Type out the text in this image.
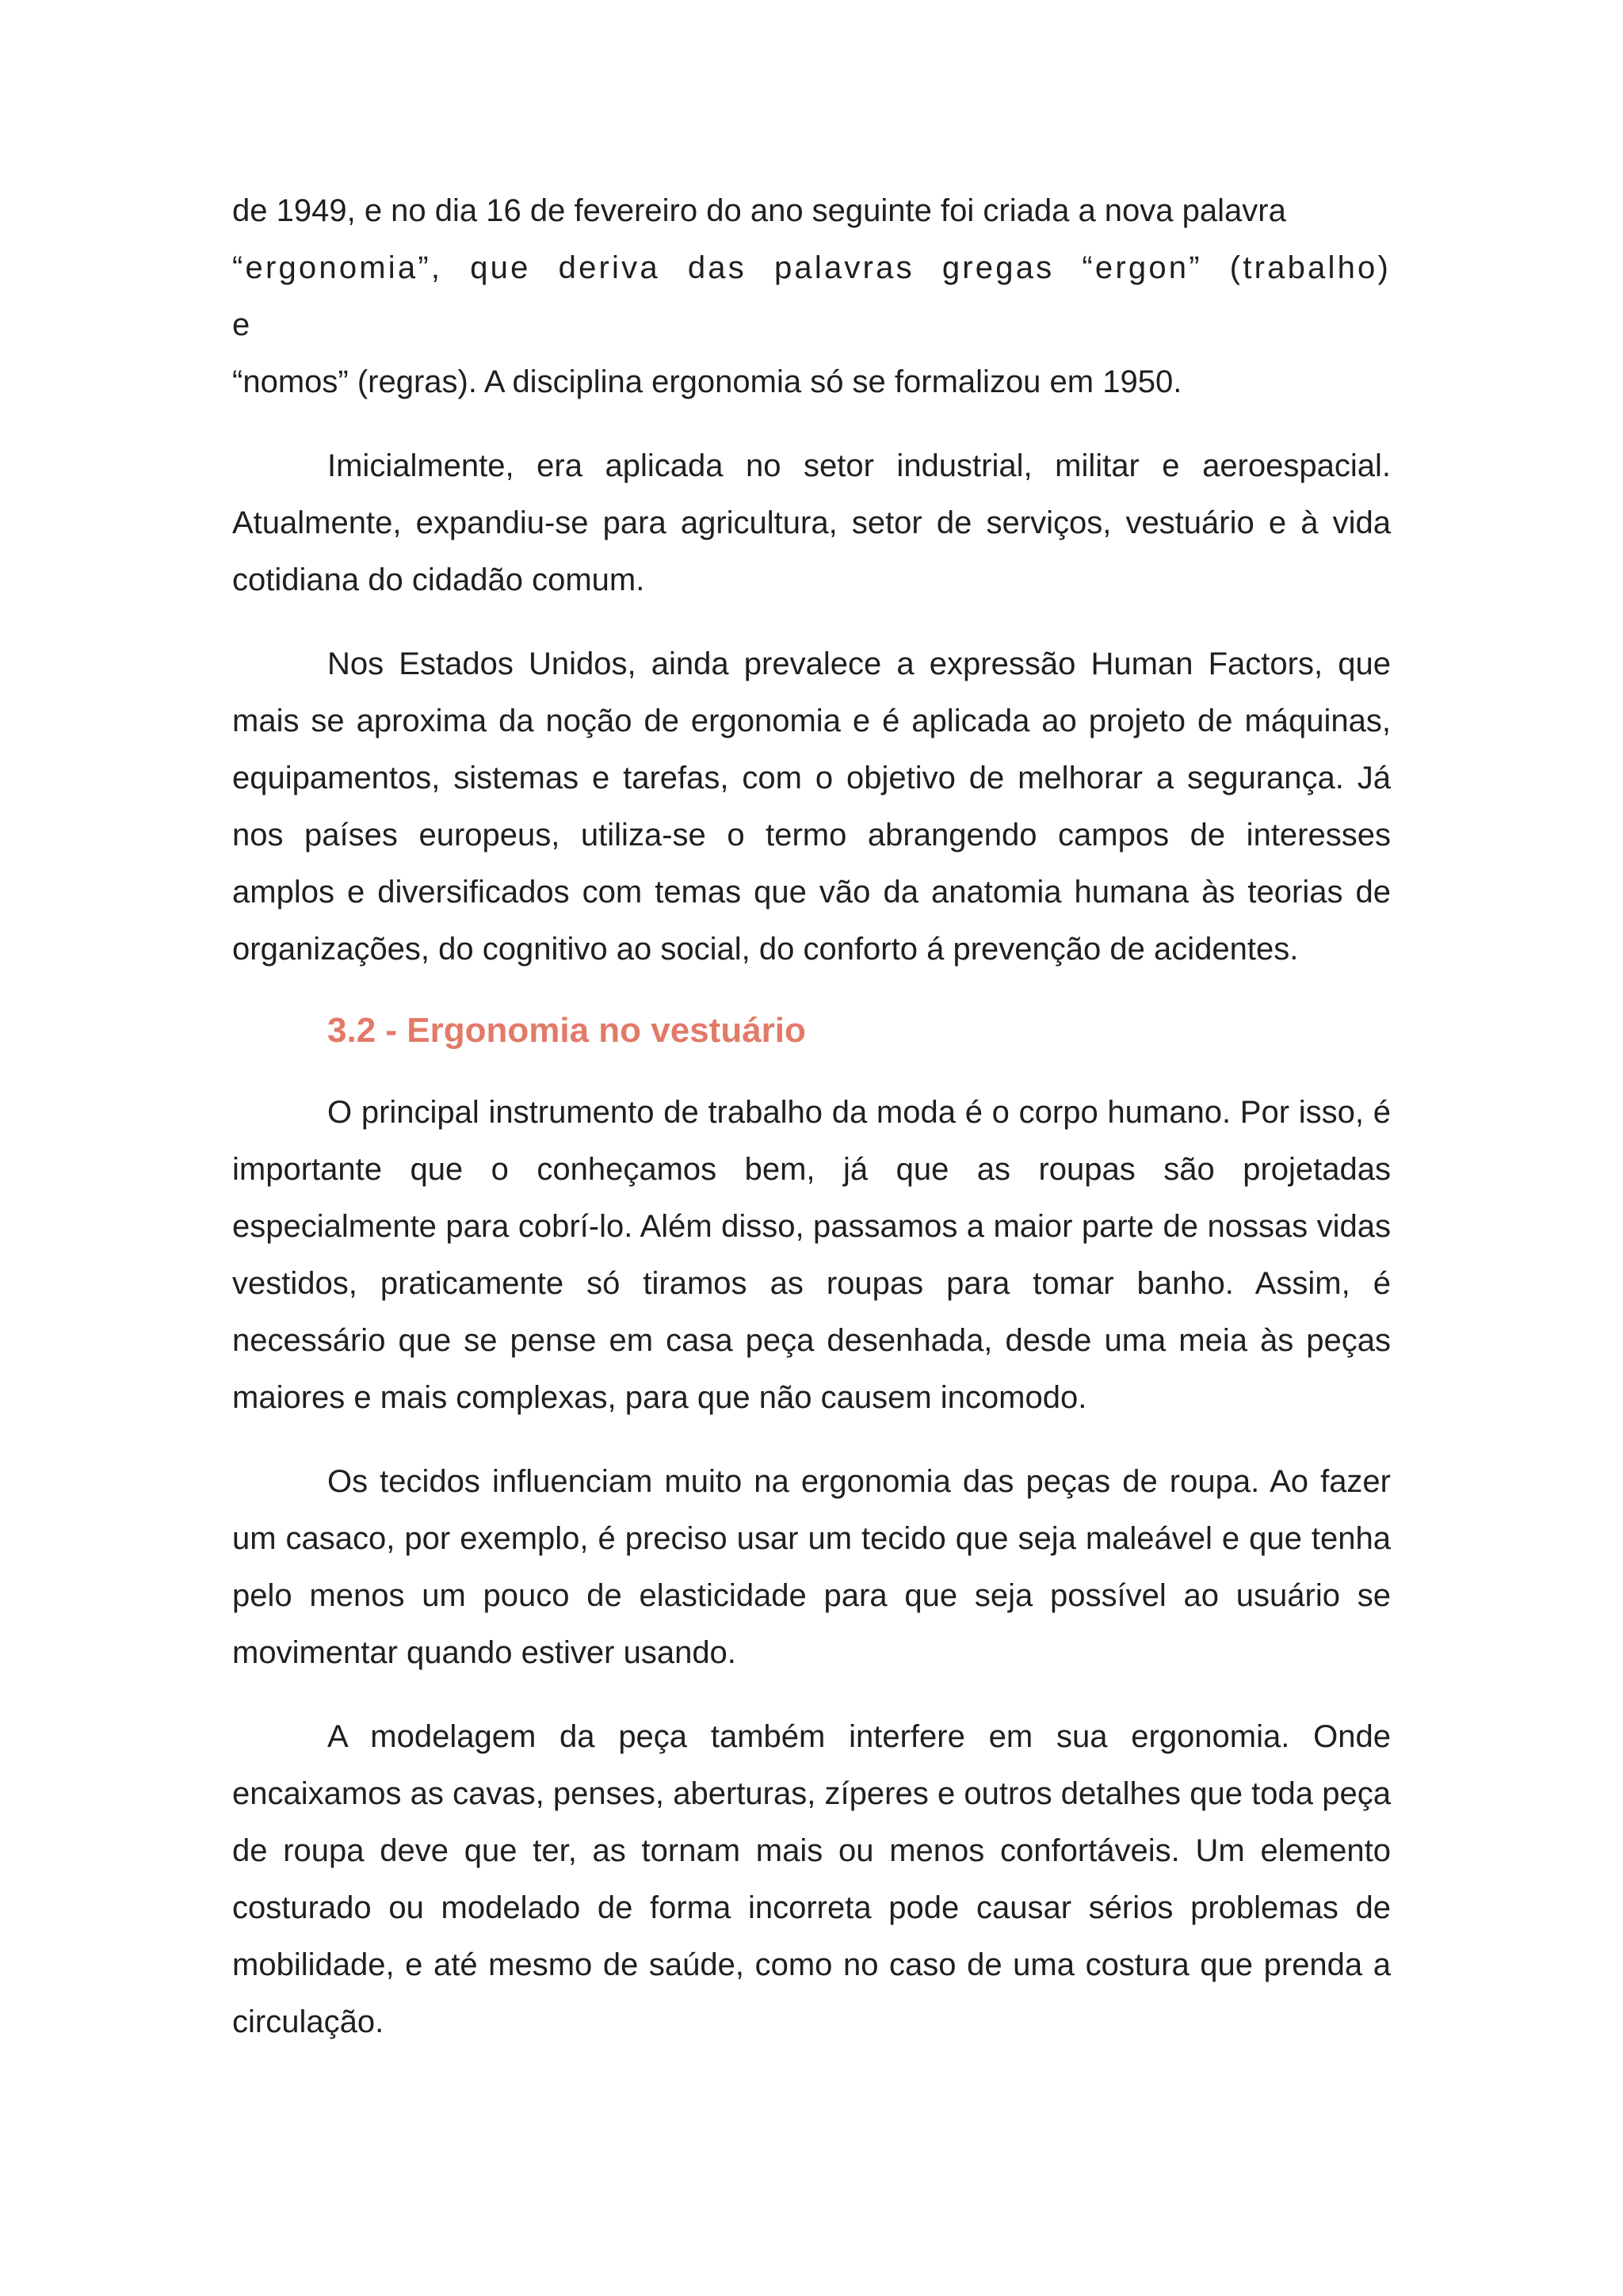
de 1949, e no dia 16 de fevereiro do ano seguinte foi criada a nova palavra
“ergonomia”, que deriva das palavras gregas “ergon” (trabalho) e
“nomos” (regras). A disciplina ergonomia só se formalizou em 1950.

Imicialmente, era aplicada no setor industrial, militar e aeroespacial. Atualmente, expandiu-se para agricultura, setor de serviços, vestuário e à vida cotidiana do cidadão comum.

Nos Estados Unidos, ainda prevalece a expressão Human Factors, que mais se aproxima da noção de ergonomia e é aplicada ao projeto de máquinas, equipamentos, sistemas e tarefas, com o objetivo de melhorar a segurança. Já nos países europeus, utiliza-se o termo abrangendo campos de interesses amplos e diversificados com temas que vão da anatomia humana às teorias de organizações, do cognitivo ao social, do conforto á prevenção de acidentes.

3.2 - Ergonomia no vestuário

O principal instrumento de trabalho da moda é o corpo humano. Por isso, é importante que o conheçamos bem, já que as roupas são projetadas especialmente para cobrí-lo. Além disso, passamos a maior parte de nossas vidas vestidos, praticamente só tiramos as roupas para tomar banho. Assim, é necessário que se pense em casa peça desenhada, desde uma meia às peças maiores e mais complexas, para que não causem incomodo.

Os tecidos influenciam muito na ergonomia das peças de roupa. Ao fazer um casaco, por exemplo, é preciso usar um tecido que seja maleável e que tenha pelo menos um pouco de elasticidade para que seja possível ao usuário se movimentar quando estiver usando.

A modelagem da peça também interfere em sua ergonomia. Onde encaixamos as cavas, penses, aberturas, zíperes e outros detalhes que toda peça de roupa deve que ter, as tornam mais ou menos confortáveis. Um elemento costurado ou modelado de forma incorreta pode causar sérios problemas de mobilidade, e até mesmo de saúde, como no caso de uma costura que prenda a circulação.
